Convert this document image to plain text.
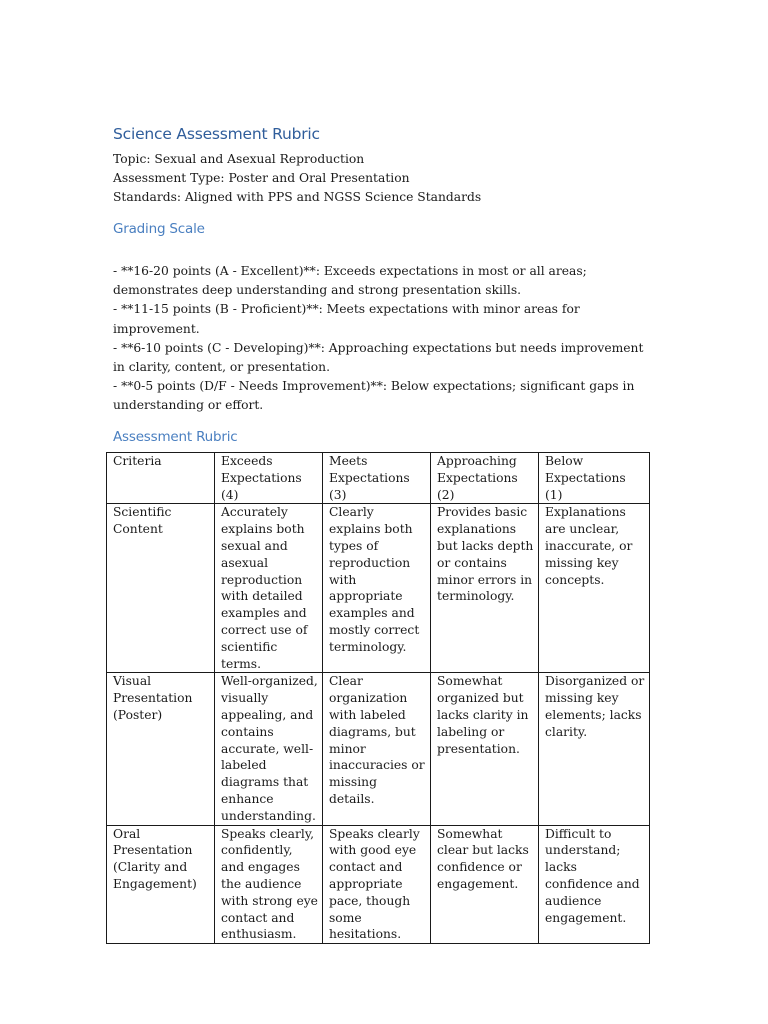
Science Assessment Rubric
Topic: Sexual and Asexual Reproduction
Assessment Type: Poster and Oral Presentation
Standards: Aligned with PPS and NGSS Science Standards
Grading Scale

- **16-20 points (A - Excellent)**: Exceeds expectations in most or all areas; demonstrates deep understanding and strong presentation skills.

- **11-15 points (B - Proficient)**: Meets expectations with minor areas for improvement.

- **6-10 points (C - Developing)**: Approaching expectations but needs improvement in clarity, content, or presentation.

- **0-5 points (D/F - Needs Improvement)**: Below expectations; significant gaps in understanding or effort.

Assessment Rubric
Criteria	Exceeds Expectations (4)	Meets Expectations (3)	Approaching Expectations (2)	Below Expectations (1)
Scientific Content	Accurately explains both sexual and asexual reproduction with detailed examples and correct use of scientific terms.	Clearly explains both types of reproduction with appropriate examples and mostly correct terminology.	Provides basic explanations but lacks depth or contains minor errors in terminology.	Explanations are unclear, inaccurate, or missing key concepts.
Visual Presentation (Poster)	Well-organized, visually appealing, and contains accurate, well-labeled diagrams that enhance understanding.	Clear organization with labeled diagrams, but minor inaccuracies or missing details.	Somewhat organized but lacks clarity in labeling or presentation.	Disorganized or missing key elements; lacks clarity.
Oral Presentation (Clarity and Engagement)	Speaks clearly, confidently, and engages the audience with strong eye contact and enthusiasm.	Speaks clearly with good eye contact and appropriate pace, though some hesitations.	Somewhat clear but lacks confidence or engagement.	Difficult to understand; lacks confidence and audience engagement.
